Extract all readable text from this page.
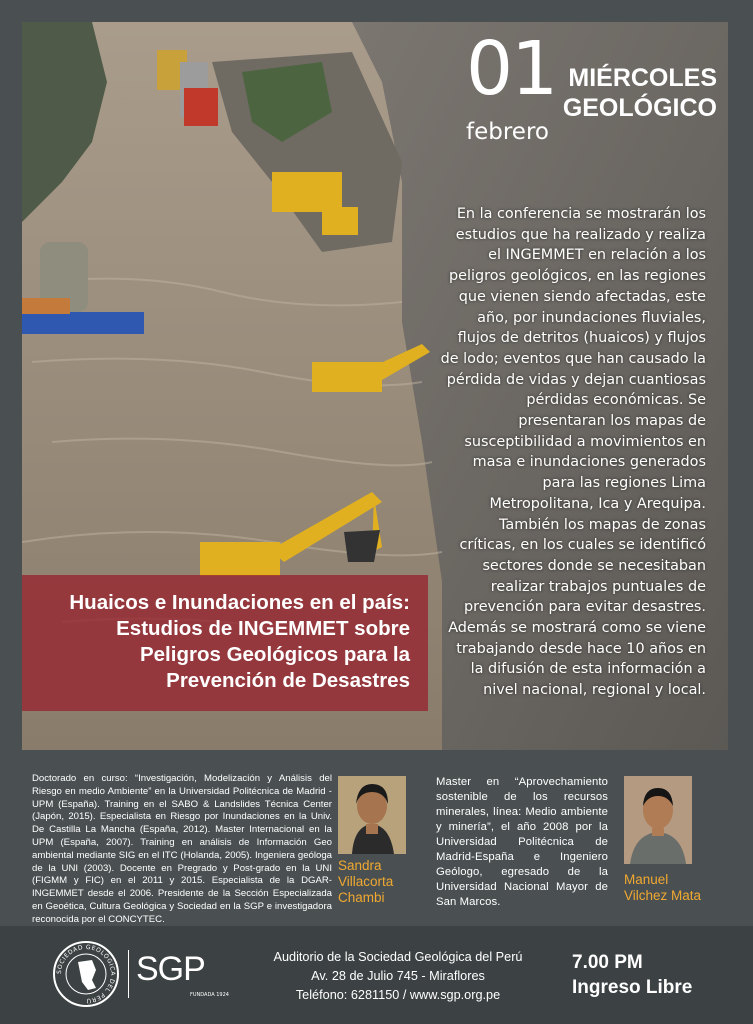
01
febrero
MIÉRCOLES
GEOLÓGICO
En la conferencia se mostrarán los estudios que ha realizado y realiza el INGEMMET en relación a los peligros geológicos, en las regiones que vienen siendo afectadas, este año, por inundaciones fluviales, flujos de detritos (huaicos) y flujos de lodo; eventos que han causado la pérdida de vidas y dejan cuantiosas pérdidas económicas. Se presentaran los mapas de susceptibilidad a movimientos en masa e inundaciones generados para las regiones Lima Metropolitana, Ica y Arequipa. También los mapas de zonas críticas, en los cuales se identificó sectores donde se necesitaban realizar trabajos puntuales de prevención para evitar desastres. Además se mostrará como se viene trabajando desde hace 10 años en la difusión de esta información a nivel nacional, regional y local.
Huaicos e Inundaciones en el país:
Estudios de INGEMMET sobre
Peligros Geológicos para la
Prevención de Desastres
Doctorado en curso: “Investigación, Modelización y Análisis del Riesgo en medio Ambiente” en la Universidad Politécnica de Madrid - UPM (España). Training en el SABO & Landslides Técnica Center (Japón, 2015). Especialista en Riesgo por Inundaciones en la Univ. De Castilla La Mancha (España, 2012). Master Internacional en la UPM (España, 2007). Training en análisis de Información Geo ambiental mediante SIG en el ITC (Holanda, 2005). Ingeniera geóloga de la UNI (2003). Docente en Pregrado y Post-grado en la UNI (FIGMM y FIC) en el 2011 y 2015. Especialista de la DGAR-INGEMMET desde el 2006. Presidente de la Sección Especializada en Geoética, Cultura Geológica y Sociedad en la SGP e investigadora reconocida por el CONCYTEC.
Sandra
Villacorta
Chambi
Master en “Aprovechamiento sostenible de los recursos minerales, línea: Medio ambiente y minería”, el año 2008 por la Universidad Politécnica de Madrid-España e Ingeniero Geólogo, egresado de la Universidad Nacional Mayor de San Marcos.
Manuel
Vilchez Mata
SOCIEDAD GEOLÓGICA DEL PERÚ
SGP
FUNDADA 1924
Auditorio de la Sociedad Geológica del Perú
Av. 28 de Julio 745 - Miraflores
Teléfono: 6281150 / www.sgp.org.pe
7.00 PM
Ingreso Libre
